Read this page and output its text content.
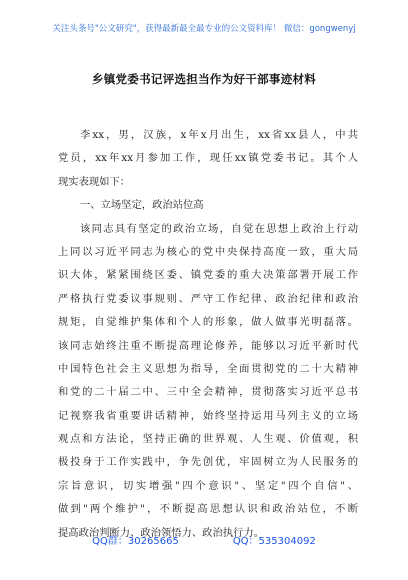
关注头条号"公文研究"，获得最新最全最专业的公文资料库！ 微信：gongwenyj
乡镇党委书记评选担当作为好干部事迹材料
李xx，男，汉族，x年x月出生，xx省xx县人，中共
党员，xx年xx月参加工作，现任xx镇党委书记。其个人
现实表现如下：
一、立场坚定，政治站位高
该同志具有坚定的政治立场，自觉在思想上政治上行动
上同以习近平同志为核心的党中央保持高度一致，重大局
识大体，紧紧围绕区委、镇党委的重大决策部署开展工作
严格执行党委议事规则、严守工作纪律、政治纪律和政治
规矩，自觉维护集体和个人的形象，做人做事光明磊落。
该同志始终注重不断提高理论修养，能够以习近平新时代
中国特色社会主义思想为指导，全面贯彻党的二十大精神
和党的二十届二中、三中全会精神，贯彻落实习近平总书
记视察我省重要讲话精神，始终坚持运用马列主义的立场
观点和方法论，坚持正确的世界观、人生观、价值观，积
极投身于工作实践中，争先创优，牢固树立为人民服务的
宗旨意识，切实增强"四个意识"、坚定"四个自信"、
做到"两个维护"，不断提高思想认识和政治站位，不断
提高政治判断力、政治领悟力、政治执行力。
QQ群：30265665	QQ：535304092
